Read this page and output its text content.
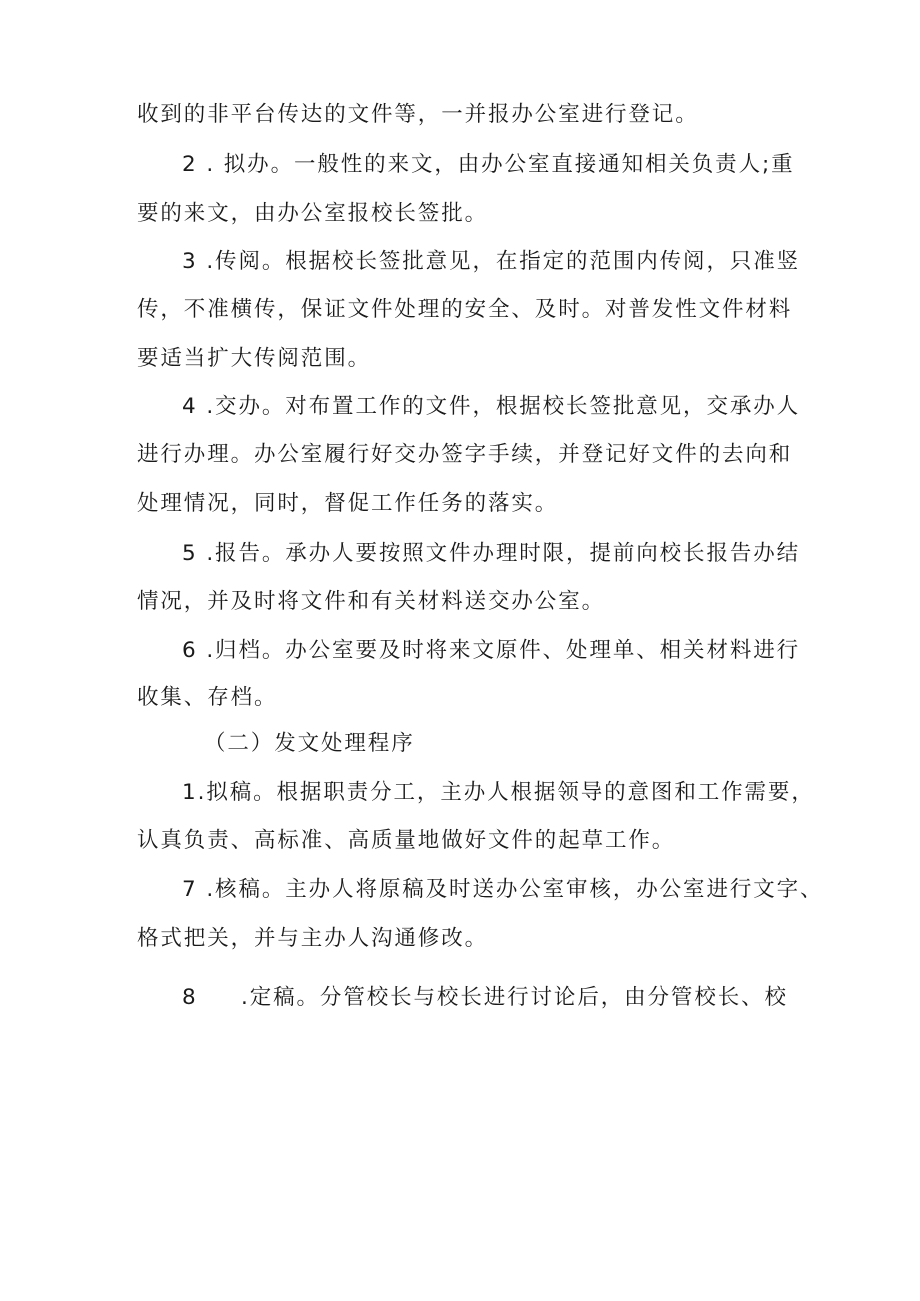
收到的非平台传达的文件等，一并报办公室进行登记。
2 . 拟办。一般性的来文，由办公室直接通知相关负责人;重
要的来文，由办公室报校长签批。
3 .传阅。根据校长签批意见，在指定的范围内传阅，只准竖
传，不准横传，保证文件处理的安全、及时。对普发性文件材料
要适当扩大传阅范围。
4 .交办。对布置工作的文件，根据校长签批意见，交承办人
进行办理。办公室履行好交办签字手续，并登记好文件的去向和
处理情况，同时，督促工作任务的落实。
5 .报告。承办人要按照文件办理时限，提前向校长报告办结
情况，并及时将文件和有关材料送交办公室。
6 .归档。办公室要及时将来文原件、处理单、相关材料进行
收集、存档。
（二）发文处理程序
1.拟稿。根据职责分工，主办人根据领导的意图和工作需要，
认真负责、高标准、高质量地做好文件的起草工作。
7 .核稿。主办人将原稿及时送办公室审核，办公室进行文字、
格式把关，并与主办人沟通修改。
8	.定稿。分管校长与校长进行讨论后，由分管校长、校
